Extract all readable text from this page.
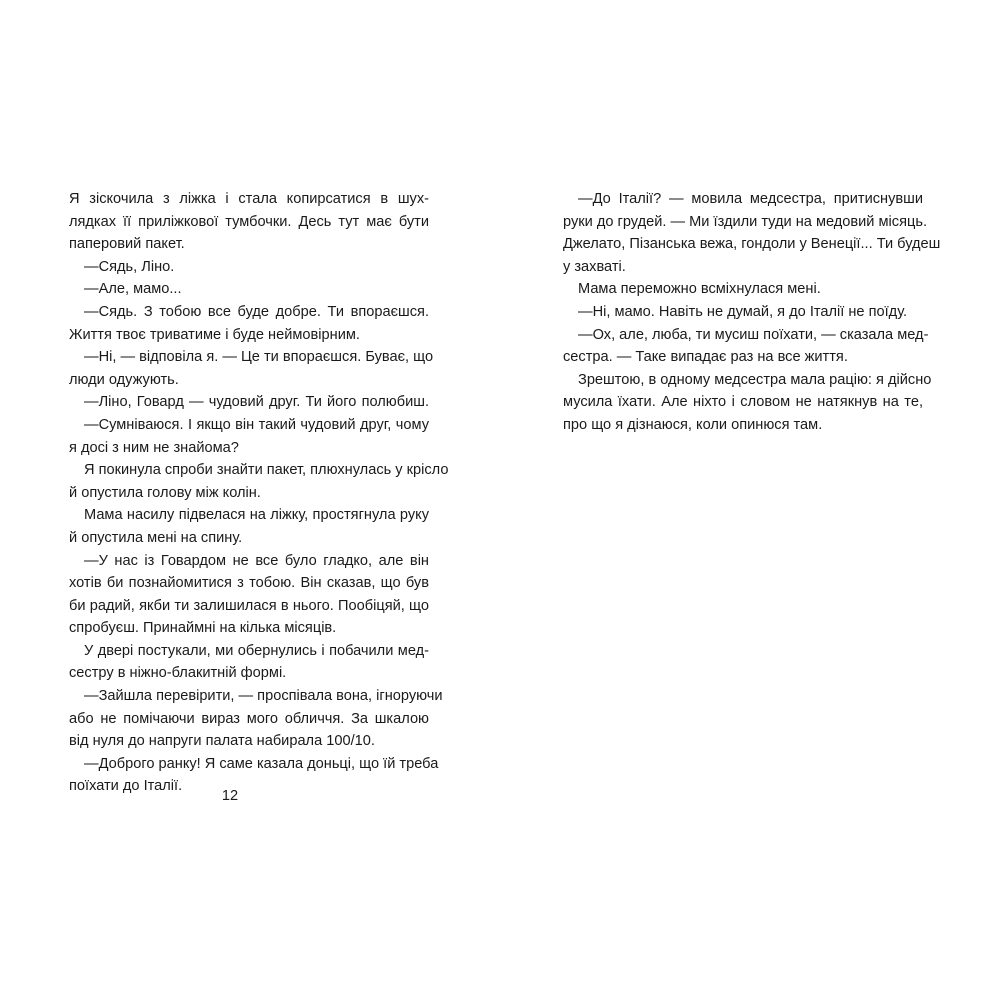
Я зіскочила з ліжка і стала копирсатися в шух-
лядках її приліжкової тумбочки. Десь тут має бути
паперовий пакет.
—Сядь, Ліно.
—Але, мамо...
—Сядь. З тобою все буде добре. Ти впораєшся.
Життя твоє триватиме і буде неймовірним.
—Ні, — відповіла я. — Це ти впораєшся. Буває, що
люди одужують.
—Ліно, Говард — чудовий друг. Ти його полюбиш.
—Сумніваюся. І якщо він такий чудовий друг, чому
я досі з ним не знайома?
Я покинула спроби знайти пакет, плюхнулась у крісло
й опустила голову між колін.
Мама насилу підвелася на ліжку, простягнула руку
й опустила мені на спину.
—У нас із Говардом не все було гладко, але він
хотів би познайомитися з тобою. Він сказав, що був
би радий, якби ти залишилася в нього. Пообіцяй, що
спробуєш. Принаймні на кілька місяців.
У двері постукали, ми обернулись і побачили мед-
сестру в ніжно-блакитній формі.
—Зайшла перевірити, — проспівала вона, ігноруючи
або не помічаючи вираз мого обличчя. За шкалою
від нуля до напруги палата набирала 100/10.
—Доброго ранку! Я саме казала доньці, що їй треба
поїхати до Італії.
12
—До Італії? — мовила медсестра, притиснувши
руки до грудей. — Ми їздили туди на медовий місяць.
Джелато, Пізанська вежа, гондоли у Венеції... Ти будеш
у захваті.
Мама переможно всміхнулася мені.
—Ні, мамо. Навіть не думай, я до Італії не поїду.
—Ох, але, люба, ти мусиш поїхати, — сказала мед-
сестра. — Таке випадає раз на все життя.
Зрештою, в одному медсестра мала рацію: я дійсно
мусила їхати. Але ніхто і словом не натякнув на те,
про що я дізнаюся, коли опинюся там.
